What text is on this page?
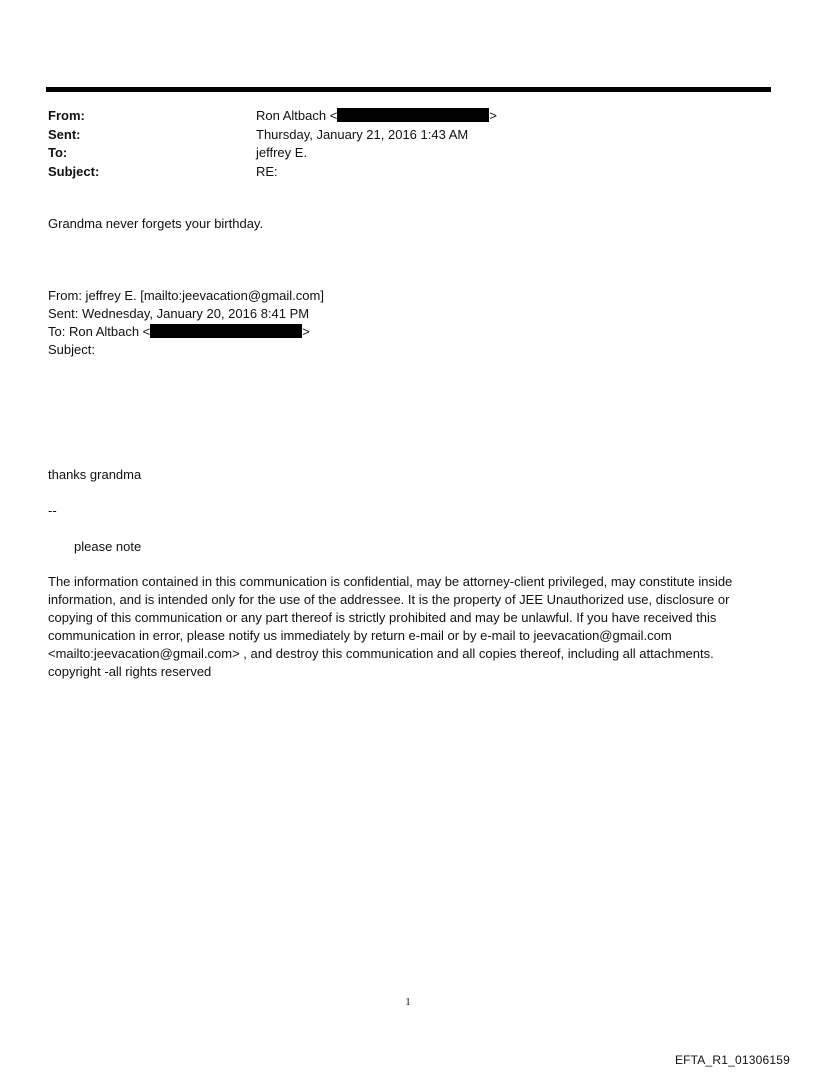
From:	Ron Altbach <	>
Sent:	Thursday, January 21, 2016 1:43 AM
To:	jeffrey E.
Subject:	RE:
Grandma never forgets your birthday.
From: jeffrey E. [mailto:jeevacation@gmail.com]
Sent: Wednesday, January 20, 2016 8:41 PM
To: Ron Altbach <	>
Subject:
thanks grandma
--
please note
The information contained in this communication is confidential, may be attorney-client privileged, may constitute inside information, and is intended only for the use of the addressee. It is the property of JEE Unauthorized use, disclosure or copying of this communication or any part thereof is strictly prohibited and may be unlawful. If you have received this communication in error, please notify us immediately by return e-mail or by e-mail to jeevacation@gmail.com <mailto:jeevacation@gmail.com> , and destroy this communication and all copies thereof, including all attachments. copyright -all rights reserved
1
EFTA_R1_01306159
